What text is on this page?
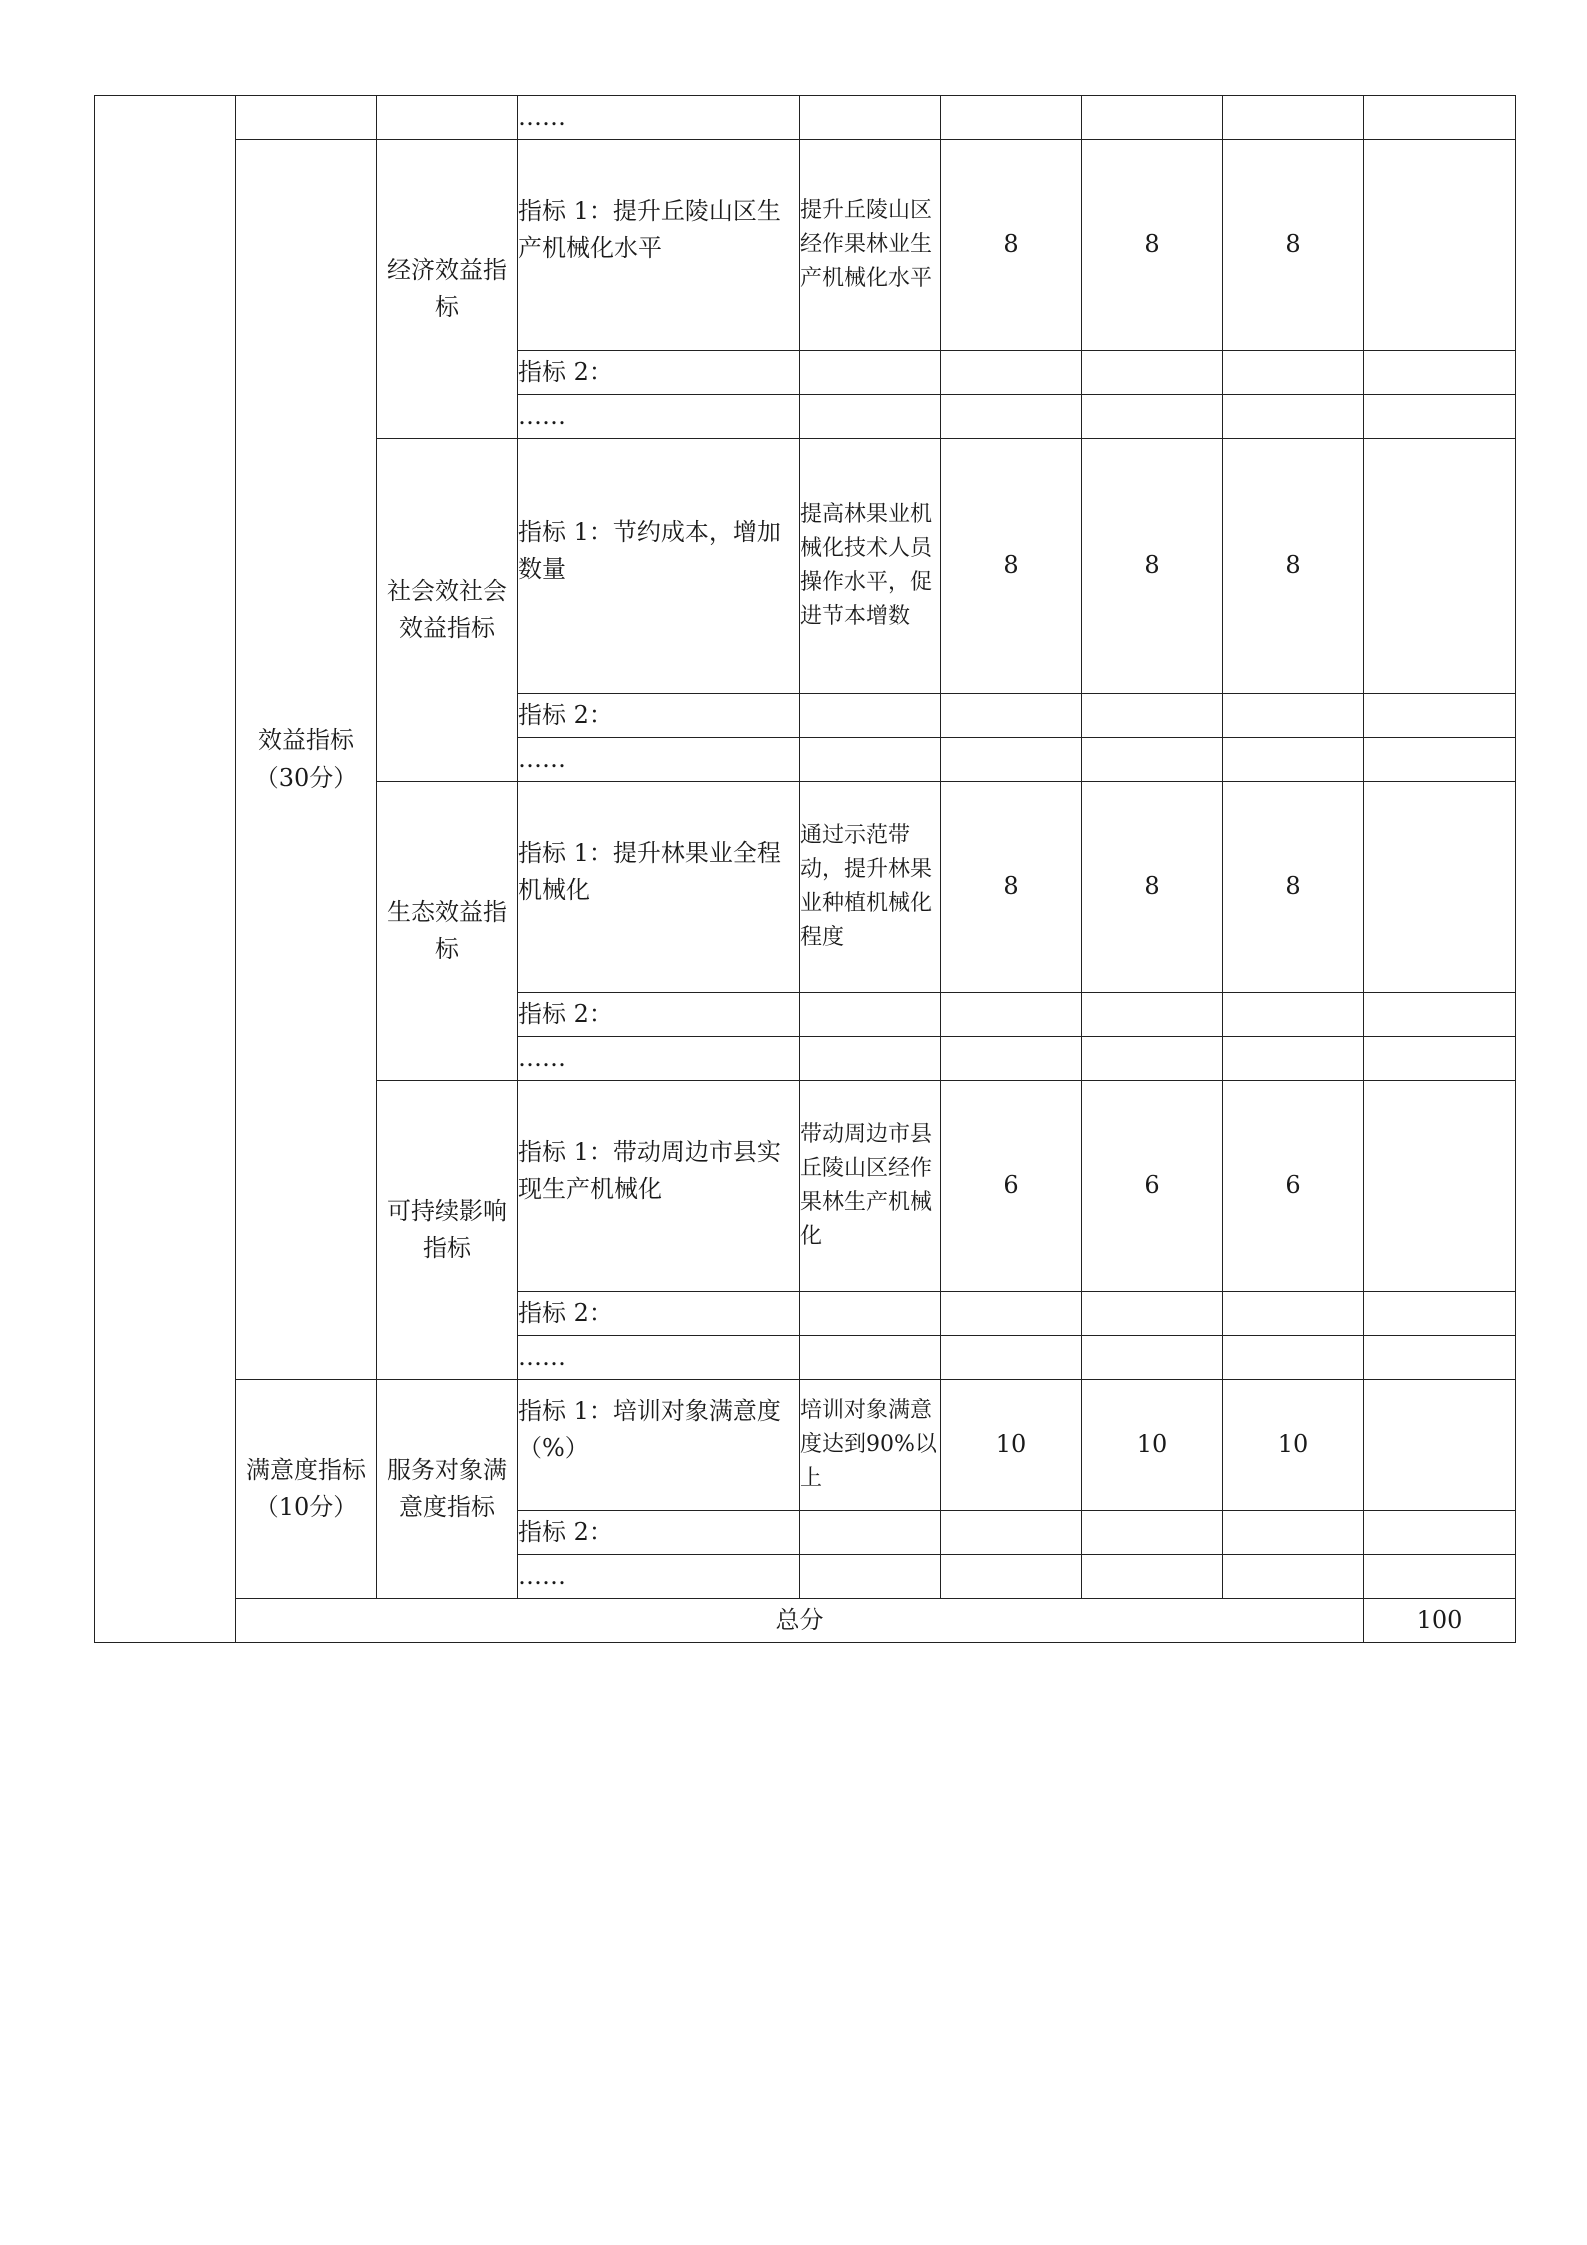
			……						
	效益指标（30分）	经济效益指标	指标 1：提升丘陵山区生产机械化水平	提升丘陵山区经作果林业生产机械化水平	8	8	8		
			指标 2：						
			……						
		社会效社会效益指标	指标 1：节约成本，增加数量	提高林果业机械化技术人员操作水平，促进节本增数	8	8	8		
			指标 2：						
			……						
		生态效益指标	指标 1：提升林果业全程机械化	通过示范带动，提升林果业种植机械化程度	8	8	8		
			指标 2：						
			……						
		可持续影响指标	指标 1：带动周边市县实现生产机械化	带动周边市县丘陵山区经作果林生产机械化	6	6	6		
			指标 2：						
			……						
	满意度指标（10分）	服务对象满意度指标	指标 1：培训对象满意度（%）	培训对象满意度达到90%以上	10	10	10		
			指标 2：						
			……						
	总分							100		
